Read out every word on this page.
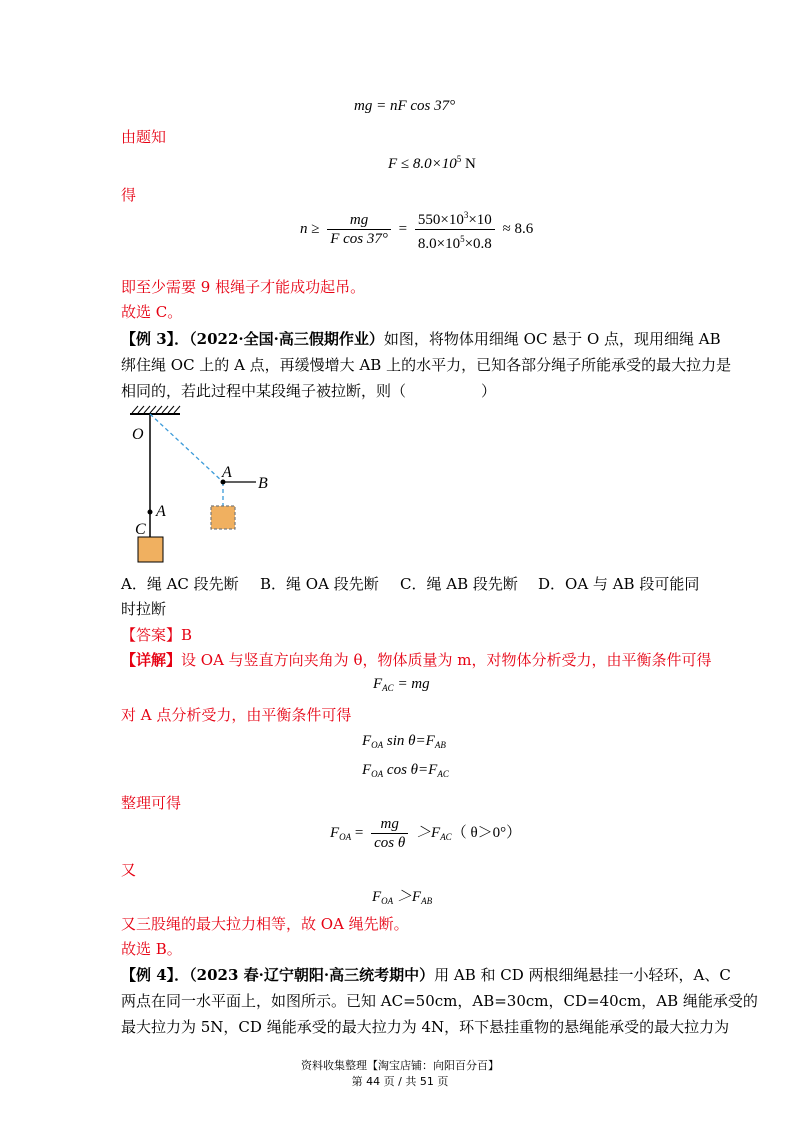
mg = nF cos 37°
由题知
$F \le 8.0\times 10^5$ N
得
$n \ge \frac{mg}{\text{F cos 37°}} = \frac{550\times 10^3\times 10}{8.0\times 10^5\times 0.8} \approx 8.6$
即至少需要 9 根绳子才能成功起吊。
故选 C。
【例 3】．（2022·全国·高三假期作业）如图，将物体用细绳 OC 悬于 O 点，现用细绳 AB
绑住绳 OC 上的 A 点，再缓慢增大 AB 上的水平力，已知各部分绳子所能承受的最大拉力是
相同的，若此过程中某段绳子被拉断，则（　　　　　）
O
A
C
A
B
A．绳 AC 段先断 B．绳 OA 段先断 C．绳 AB 段先断 D．OA 与 AB 段可能同
时拉断
【答案】B
【详解】设 OA 与竖直方向夹角为 θ，物体质量为 m，对物体分析受力，由平衡条件可得
$F_{AC}$ = mg
对 A 点分析受力，由平衡条件可得
$F_{OA}$ $\sin \theta=F_{AB}$
$F_{OA}$ $\cos \theta=F_{AC}$
整理可得
$F_{OA} = \frac{mg}{\text{cos θ}} >F_{AC}$（ θ＞0°）
又
$F_{OA} >F_{AB}$
又三股绳的最大拉力相等，故 OA 绳先断。
故选 B。
【例 4】．（2023 春·辽宁朝阳·高三统考期中）用 AB 和 CD 两根细绳悬挂一小轻环，A、C
两点在同一水平面上，如图所示。已知 AC=50cm，AB=30cm，CD=40cm，AB 绳能承受的
最大拉力为 5N，CD 绳能承受的最大拉力为 4N，环下悬挂重物的悬绳能承受的最大拉力为
资料收集整理【淘宝店铺：向阳百分百】
第 44 页 / 共 51 页
